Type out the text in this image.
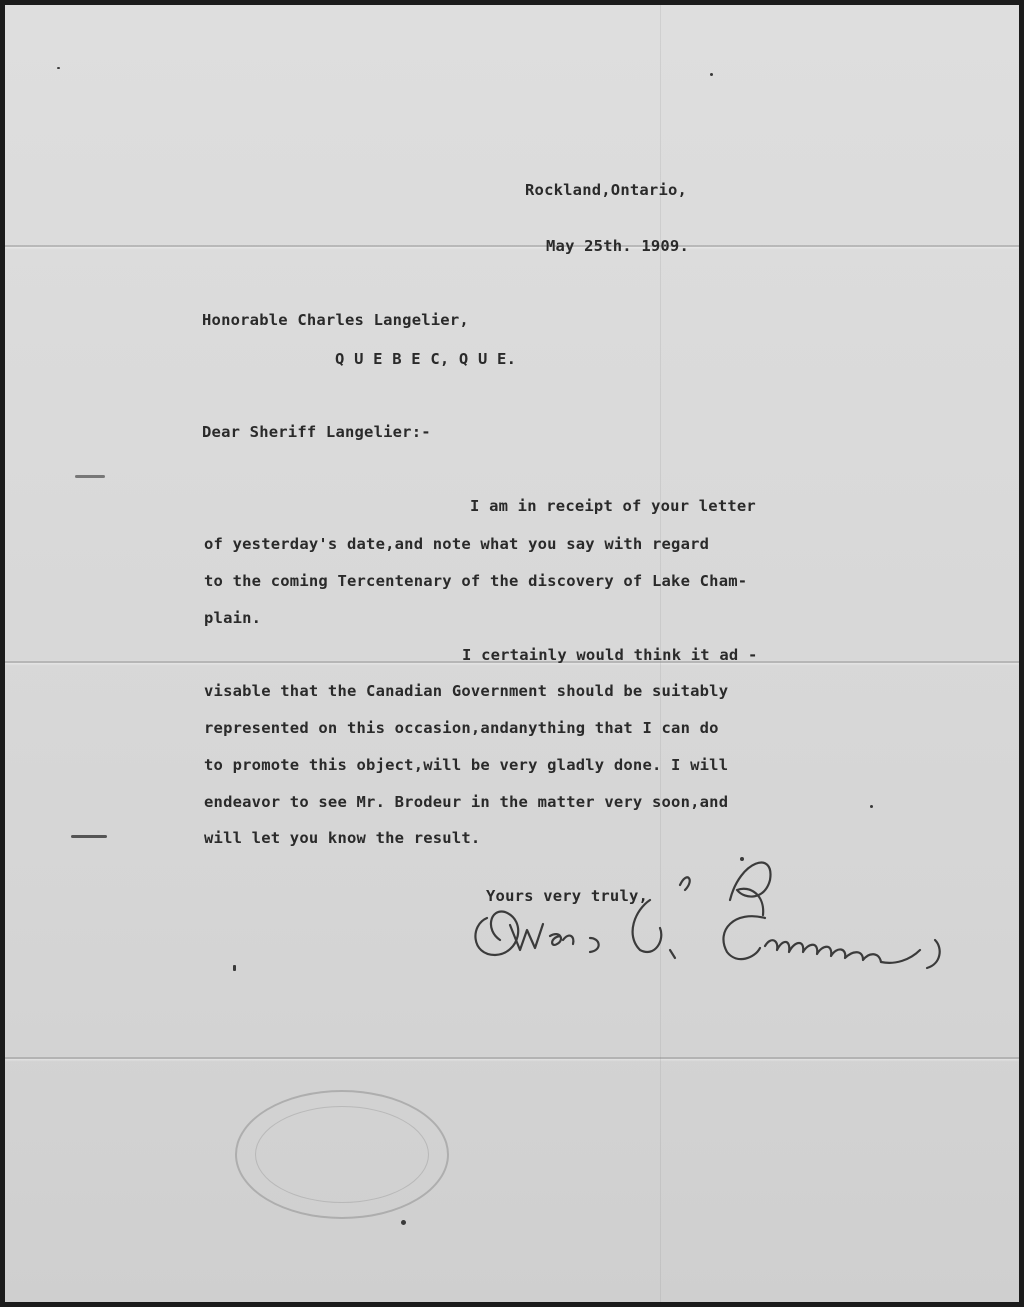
Rockland,Ontario,
May 25th. 1909.
Honorable Charles Langelier,
Q U E B E C, Q U E.
Dear Sheriff Langelier:-
I am in receipt of your letter
of yesterday's date,and note what you say with regard
to the coming Tercentenary of the discovery of Lake Cham-
plain.
I certainly would think it ad -
visable that the Canadian Government should be suitably
represented on this occasion,andanything that I can do
to promote this object,will be very gladly done. I will
endeavor to see Mr. Brodeur in the matter very soon,and
will let you know the result.
Yours very truly,
